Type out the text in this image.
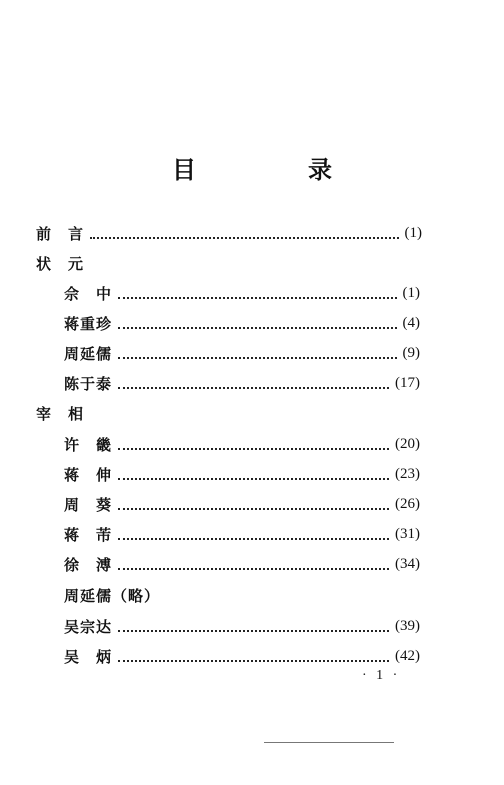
目　录
前　言	(1)
状　元
佘　中	(1)
蒋重珍	(4)
周延儒	(9)
陈于泰	(17)
宰　相
许　畿	(20)
蒋　伸	(23)
周　葵	(26)
蒋　芾	(31)
徐　溥	(34)
周延儒（略）
吴宗达	(39)
吴　炳	(42)
· 1 ·
